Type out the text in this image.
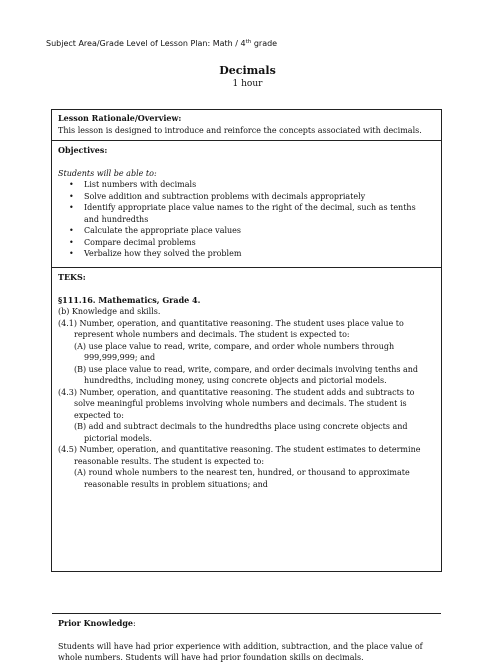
Subject Area/Grade Level of Lesson Plan: Math / 4th grade
Decimals
1 hour
Lesson Rationale/Overview:
This lesson is designed to introduce and reinforce the concepts associated with decimals.
Objectives:
Students will be able to:
• List numbers with decimals
• Solve addition and subtraction problems with decimals appropriately
• Identify appropriate place value names to the right of the decimal, such as tenths
and hundredths
• Calculate the appropriate place values
• Compare decimal problems
• Verbalize how they solved the problem
TEKS:
§111.16. Mathematics, Grade 4.
(b) Knowledge and skills.
(4.1) Number, operation, and quantitative reasoning. The student uses place value to
represent whole numbers and decimals. The student is expected to:
(A) use place value to read, write, compare, and order whole numbers through
999,999,999; and
(B) use place value to read, write, compare, and order decimals involving tenths and
hundredths, including money, using concrete objects and pictorial models.
(4.3) Number, operation, and quantitative reasoning. The student adds and subtracts to
solve meaningful problems involving whole numbers and decimals. The student is
expected to:
(B) add and subtract decimals to the hundredths place using concrete objects and
pictorial models.
(4.5) Number, operation, and quantitative reasoning. The student estimates to determine
reasonable results. The student is expected to:
(A) round whole numbers to the nearest ten, hundred, or thousand to approximate
reasonable results in problem situations; and
Prior Knowledge:
Students will have had prior experience with addition, subtraction, and the place value of
whole numbers. Students will have had prior foundation skills on decimals.
